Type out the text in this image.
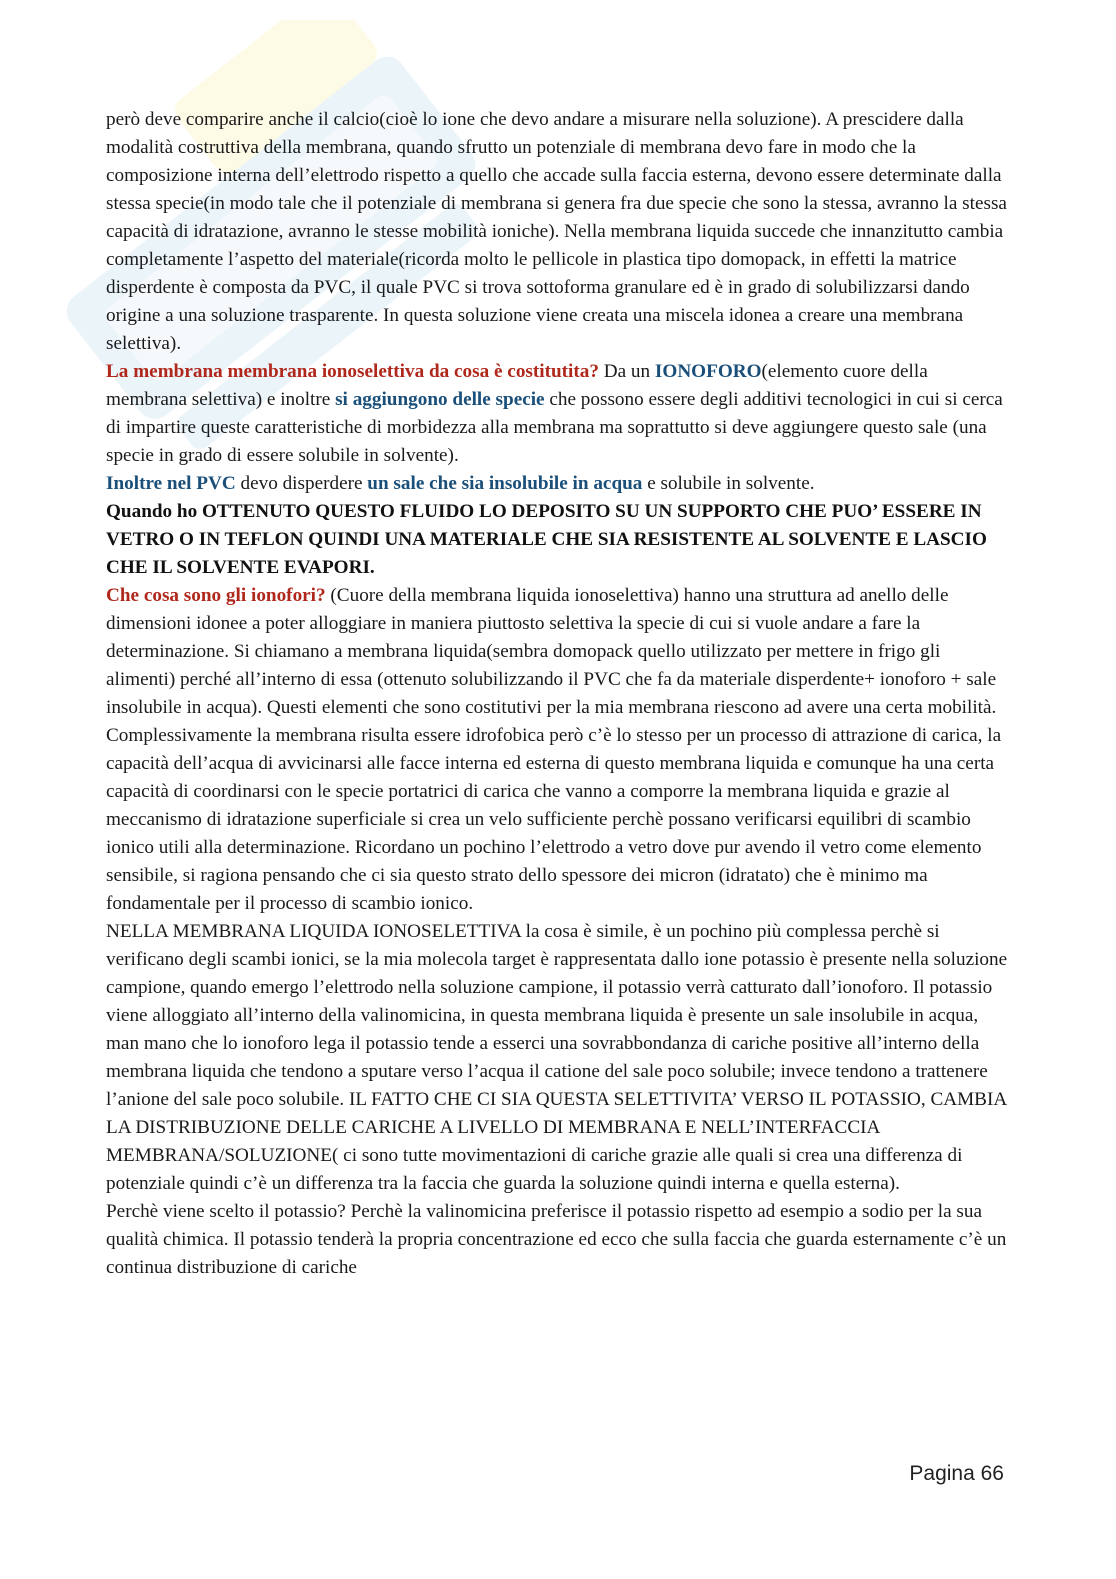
però deve comparire anche il calcio(cioè lo ione che devo andare a misurare nella soluzione). A prescidere dalla modalità costruttiva della membrana, quando sfrutto un potenziale di membrana devo fare in modo che la composizione interna dell’elettrodo rispetto a quello che accade sulla faccia esterna, devono essere determinate dalla stessa specie(in modo tale che il potenziale di membrana si genera fra due specie che sono la stessa, avranno la stessa capacità di idratazione, avranno le stesse mobilità ioniche). Nella membrana liquida succede che innanzitutto cambia completamente l’aspetto del materiale(ricorda molto le pellicole in plastica tipo domopack, in effetti la matrice disperdente è composta da PVC, il quale PVC si trova sottoforma granulare ed è in grado di solubilizzarsi dando origine a una soluzione trasparente. In questa soluzione viene creata una miscela idonea a creare una membrana selettiva).

La membrana membrana ionoselettiva da cosa è costitutita? Da un IONOFORO(elemento cuore della membrana selettiva) e inoltre si aggiungono delle specie che possono essere degli additivi tecnologici in cui si cerca di impartire queste caratteristiche di morbidezza alla membrana ma soprattutto si deve aggiungere questo sale (una specie in grado di essere solubile in solvente).
Inoltre nel PVC devo disperdere un sale che sia insolubile in acqua e solubile in solvente.

Quando ho OTTENUTO QUESTO FLUIDO LO DEPOSITO SU UN SUPPORTO CHE PUO’ ESSERE IN VETRO O IN TEFLON QUINDI UNA MATERIALE CHE SIA RESISTENTE AL SOLVENTE E LASCIO CHE IL SOLVENTE EVAPORI.

Che cosa sono gli ionofori? (Cuore della membrana liquida ionoselettiva) hanno una struttura ad anello delle dimensioni idonee a poter alloggiare in maniera piuttosto selettiva la specie di cui si vuole andare a fare la determinazione. Si chiamano a membrana liquida(sembra domopack quello utilizzato per mettere in frigo gli alimenti) perché all’interno di essa (ottenuto solubilizzando il PVC che fa da materiale disperdente+ ionoforo + sale insolubile in acqua). Questi elementi che sono costitutivi per la mia membrana riescono ad avere una certa mobilità. Complessivamente la membrana risulta essere idrofobica però c’è lo stesso per un processo di attrazione di carica, la capacità dell’acqua di avvicinarsi alle facce interna ed esterna di questo membrana liquida e comunque ha una certa capacità di coordinarsi con le specie portatrici di carica che vanno a comporre la membrana liquida e grazie al meccanismo di idratazione superficiale si crea un velo sufficiente perchè possano verificarsi equilibri di scambio ionico utili alla determinazione. Ricordano un pochino l’elettrodo a vetro dove pur avendo il vetro come elemento sensibile, si ragiona pensando che ci sia questo strato dello spessore dei micron (idratato) che è minimo ma fondamentale per il processo di scambio ionico.

NELLA MEMBRANA LIQUIDA IONOSELETTIVA la cosa è simile, è un pochino più complessa perchè si verificano degli scambi ionici, se la mia molecola target è rappresentata dallo ione potassio è presente nella soluzione campione, quando emergo l’elettrodo nella soluzione campione, il potassio verrà catturato dall’ionoforo. Il potassio viene alloggiato all’interno della valinomicina, in questa membrana liquida è presente un sale insolubile in acqua, man mano che lo ionoforo lega il potassio tende a esserci una sovrabbondanza di cariche positive all’interno della membrana liquida che tendono a sputare verso l’acqua il catione del sale poco solubile; invece tendono a trattenere l’anione del sale poco solubile. IL FATTO CHE CI SIA QUESTA SELETTIVITA’ VERSO IL POTASSIO, CAMBIA LA DISTRIBUZIONE DELLE CARICHE A LIVELLO DI MEMBRANA E NELL’INTERFACCIA MEMBRANA/SOLUZIONE( ci sono tutte movimentazioni di cariche grazie alle quali si crea una differenza di potenziale quindi c’è un differenza tra la faccia che guarda la soluzione quindi interna e quella esterna).

Perchè viene scelto il potassio? Perchè la valinomicina preferisce il potassio rispetto ad esempio a sodio per la sua qualità chimica. Il potassio tenderà la propria concentrazione ed ecco che sulla faccia che guarda esternamente c’è un continua distribuzione di cariche

Pagina 66
